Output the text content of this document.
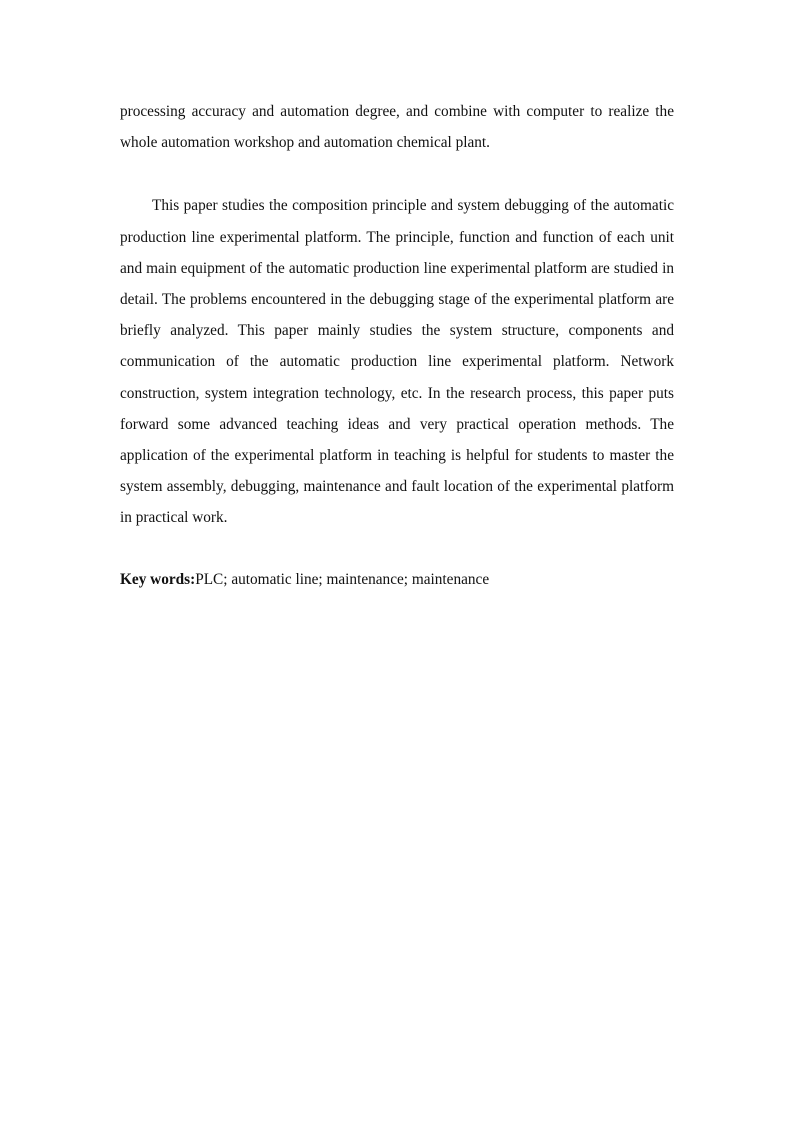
processing accuracy and automation degree, and combine with computer to realize the whole automation workshop and automation chemical plant.

This paper studies the composition principle and system debugging of the automatic production line experimental platform. The principle, function and function of each unit and main equipment of the automatic production line experimental platform are studied in detail. The problems encountered in the debugging stage of the experimental platform are briefly analyzed. This paper mainly studies the system structure, components and communication of the automatic production line experimental platform. Network construction, system integration technology, etc. In the research process, this paper puts forward some advanced teaching ideas and very practical operation methods. The application of the experimental platform in teaching is helpful for students to master the system assembly, debugging, maintenance and fault location of the experimental platform in practical work.

Key words:PLC; automatic line; maintenance; maintenance
